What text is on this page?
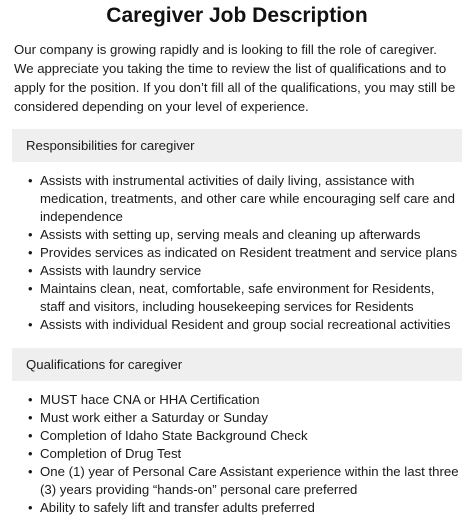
Caregiver Job Description

Our company is growing rapidly and is looking to fill the role of caregiver. We appreciate you taking the time to review the list of qualifications and to apply for the position. If you don’t fill all of the qualifications, you may still be considered depending on your level of experience.

Responsibilities for caregiver
• Assists with instrumental activities of daily living, assistance with medication, treatments, and other care while encouraging self care and independence
• Assists with setting up, serving meals and cleaning up afterwards
• Provides services as indicated on Resident treatment and service plans
• Assists with laundry service
• Maintains clean, neat, comfortable, safe environment for Residents, staff and visitors, including housekeeping services for Residents
• Assists with individual Resident and group social recreational activities
Qualifications for caregiver
• MUST hace CNA or HHA Certification
• Must work either a Saturday or Sunday
• Completion of Idaho State Background Check
• Completion of Drug Test
• One (1) year of Personal Care Assistant experience within the last three (3) years providing “hands-on” personal care preferred
• Ability to safely lift and transfer adults preferred
